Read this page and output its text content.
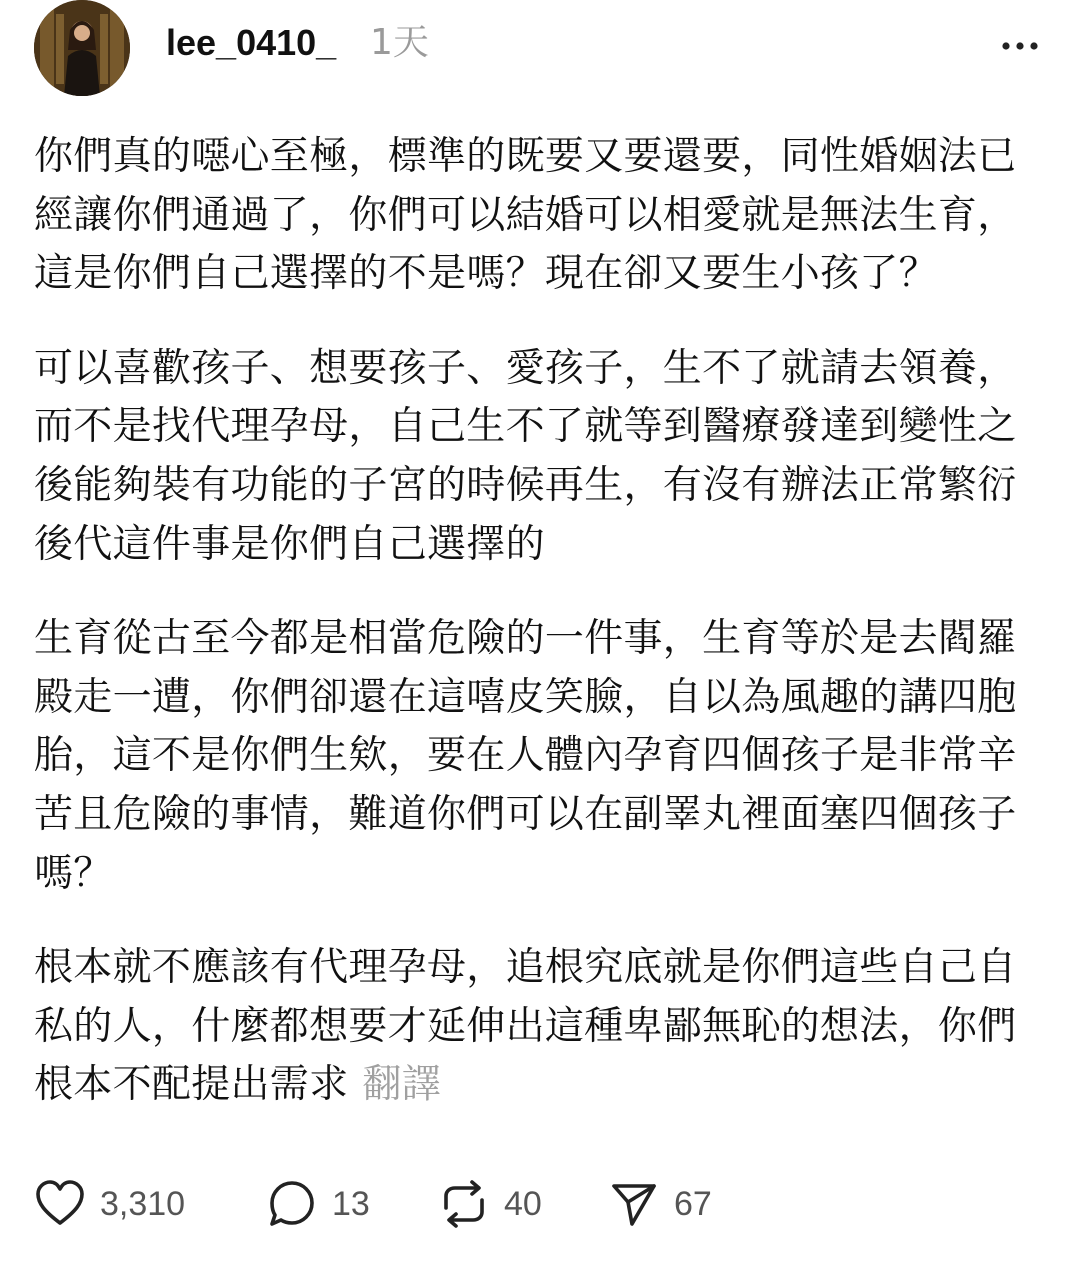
lee_0410_ 1天

你們真的噁心至極，標準的既要又要還要，同性婚姻法已經讓你們通過了，你們可以結婚可以相愛就是無法生育，這是你們自己選擇的不是嗎？現在卻又要生小孩了？

可以喜歡孩子、想要孩子、愛孩子，生不了就請去領養，而不是找代理孕母，自己生不了就等到醫療發達到變性之後能夠裝有功能的子宮的時候再生，有沒有辦法正常繁衍後代這件事是你們自己選擇的

生育從古至今都是相當危險的一件事，生育等於是去閻羅殿走一遭，你們卻還在這嘻皮笑臉，自以為風趣的講四胞胎，這不是你們生欸，要在人體內孕育四個孩子是非常辛苦且危險的事情，難道你們可以在副睪丸裡面塞四個孩子嗎？

根本就不應該有代理孕母，追根究底就是你們這些自己自私的人，什麼都想要才延伸出這種卑鄙無恥的想法，你們根本不配提出需求 翻譯

3,310	13	40	67
